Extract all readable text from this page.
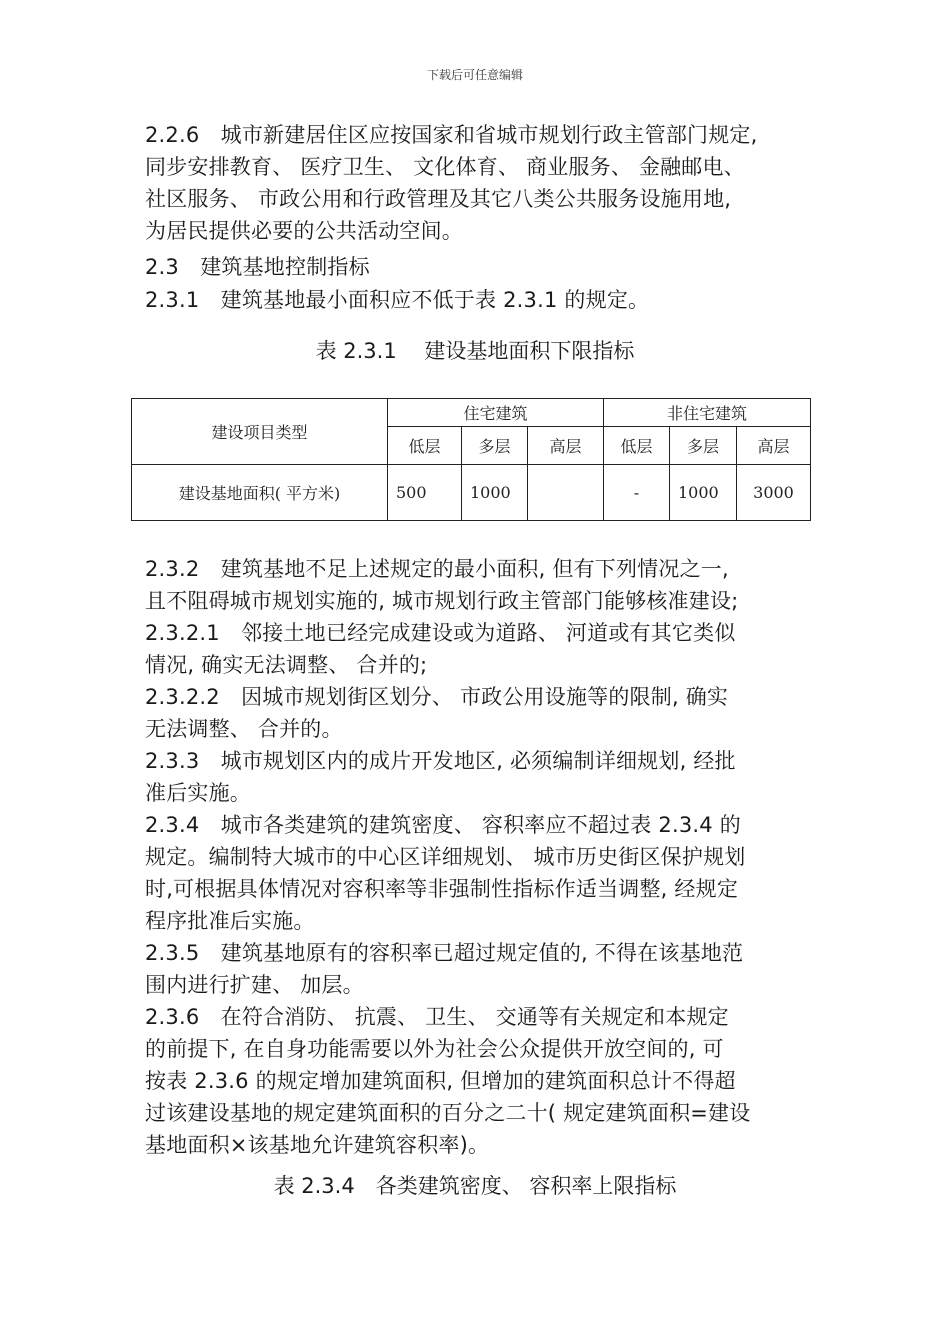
下载后可任意编辑
2.2.6　城市新建居住区应按国家和省城市规划行政主管部门规定,
同步安排教育、 医疗卫生、 文化体育、 商业服务、 金融邮电、
社区服务、 市政公用和行政管理及其它八类公共服务设施用地,
为居民提供必要的公共活动空间。
2.3　建筑基地控制指标
2.3.1　建筑基地最小面积应不低于表 2.3.1 的规定。
表 2.3.1　 建设基地面积下限指标
建设项目类型	住宅建筑			非住宅建筑		
	低层	多层	高层	低层	多层	高层
建设基地面积( 平方米)	500	1000		-	1000	3000
2.3.2　建筑基地不足上述规定的最小面积, 但有下列情况之一,
且不阻碍城市规划实施的, 城市规划行政主管部门能够核准建设;
2.3.2.1　邻接土地已经完成建设或为道路、 河道或有其它类似
情况, 确实无法调整、 合并的;
2.3.2.2　因城市规划街区划分、 市政公用设施等的限制, 确实
无法调整、 合并的。
2.3.3　城市规划区内的成片开发地区, 必须编制详细规划, 经批
准后实施。
2.3.4　城市各类建筑的建筑密度、 容积率应不超过表 2.3.4 的
规定。编制特大城市的中心区详细规划、 城市历史街区保护规划
时,可根据具体情况对容积率等非强制性指标作适当调整, 经规定
程序批准后实施。
2.3.5　建筑基地原有的容积率已超过规定值的, 不得在该基地范
围内进行扩建、 加层。
2.3.6　在符合消防、 抗震、 卫生、 交通等有关规定和本规定
的前提下, 在自身功能需要以外为社会公众提供开放空间的, 可
按表 2.3.6 的规定增加建筑面积, 但增加的建筑面积总计不得超
过该建设基地的规定建筑面积的百分之二十( 规定建筑面积=建设
基地面积×该基地允许建筑容积率)。
表 2.3.4　各类建筑密度、 容积率上限指标
